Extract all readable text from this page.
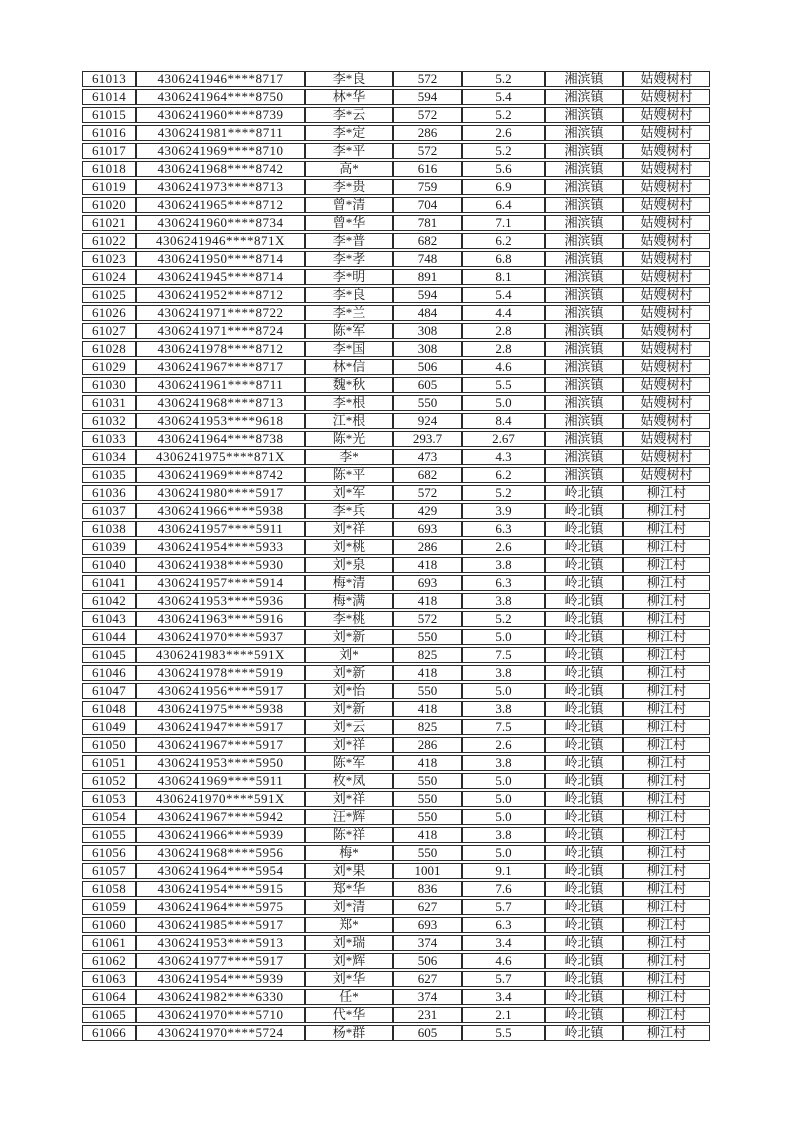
61013	4306241946****8717	李*良	572	5.2	湘滨镇	姑嫂树村
61014	4306241964****8750	林*华	594	5.4	湘滨镇	姑嫂树村
61015	4306241960****8739	李*云	572	5.2	湘滨镇	姑嫂树村
61016	4306241981****8711	李*定	286	2.6	湘滨镇	姑嫂树村
61017	4306241969****8710	李*平	572	5.2	湘滨镇	姑嫂树村
61018	4306241968****8742	高*	616	5.6	湘滨镇	姑嫂树村
61019	4306241973****8713	李*贵	759	6.9	湘滨镇	姑嫂树村
61020	4306241965****8712	曾*清	704	6.4	湘滨镇	姑嫂树村
61021	4306241960****8734	曾*华	781	7.1	湘滨镇	姑嫂树村
61022	4306241946****871X	李*普	682	6.2	湘滨镇	姑嫂树村
61023	4306241950****8714	李*孝	748	6.8	湘滨镇	姑嫂树村
61024	4306241945****8714	李*明	891	8.1	湘滨镇	姑嫂树村
61025	4306241952****8712	李*良	594	5.4	湘滨镇	姑嫂树村
61026	4306241971****8722	李*兰	484	4.4	湘滨镇	姑嫂树村
61027	4306241971****8724	陈*军	308	2.8	湘滨镇	姑嫂树村
61028	4306241978****8712	李*国	308	2.8	湘滨镇	姑嫂树村
61029	4306241967****8717	林*信	506	4.6	湘滨镇	姑嫂树村
61030	4306241961****8711	魏*秋	605	5.5	湘滨镇	姑嫂树村
61031	4306241968****8713	李*根	550	5.0	湘滨镇	姑嫂树村
61032	4306241953****9618	江*根	924	8.4	湘滨镇	姑嫂树村
61033	4306241964****8738	陈*光	293.7	2.67	湘滨镇	姑嫂树村
61034	4306241975****871X	李*	473	4.3	湘滨镇	姑嫂树村
61035	4306241969****8742	陈*平	682	6.2	湘滨镇	姑嫂树村
61036	4306241980****5917	刘*军	572	5.2	岭北镇	柳江村
61037	4306241966****5938	李*兵	429	3.9	岭北镇	柳江村
61038	4306241957****5911	刘*祥	693	6.3	岭北镇	柳江村
61039	4306241954****5933	刘*桃	286	2.6	岭北镇	柳江村
61040	4306241938****5930	刘*泉	418	3.8	岭北镇	柳江村
61041	4306241957****5914	梅*清	693	6.3	岭北镇	柳江村
61042	4306241953****5936	梅*满	418	3.8	岭北镇	柳江村
61043	4306241963****5916	李*桃	572	5.2	岭北镇	柳江村
61044	4306241970****5937	刘*新	550	5.0	岭北镇	柳江村
61045	4306241983****591X	刘*	825	7.5	岭北镇	柳江村
61046	4306241978****5919	刘*新	418	3.8	岭北镇	柳江村
61047	4306241956****5917	刘*怡	550	5.0	岭北镇	柳江村
61048	4306241975****5938	刘*新	418	3.8	岭北镇	柳江村
61049	4306241947****5917	刘*云	825	7.5	岭北镇	柳江村
61050	4306241967****5917	刘*祥	286	2.6	岭北镇	柳江村
61051	4306241953****5950	陈*军	418	3.8	岭北镇	柳江村
61052	4306241969****5911	枚*凤	550	5.0	岭北镇	柳江村
61053	4306241970****591X	刘*祥	550	5.0	岭北镇	柳江村
61054	4306241967****5942	汪*辉	550	5.0	岭北镇	柳江村
61055	4306241966****5939	陈*祥	418	3.8	岭北镇	柳江村
61056	4306241968****5956	梅*	550	5.0	岭北镇	柳江村
61057	4306241964****5954	刘*果	1001	9.1	岭北镇	柳江村
61058	4306241954****5915	郑*华	836	7.6	岭北镇	柳江村
61059	4306241964****5975	刘*清	627	5.7	岭北镇	柳江村
61060	4306241985****5917	郑*	693	6.3	岭北镇	柳江村
61061	4306241953****5913	刘*瑞	374	3.4	岭北镇	柳江村
61062	4306241977****5917	刘*辉	506	4.6	岭北镇	柳江村
61063	4306241954****5939	刘*华	627	5.7	岭北镇	柳江村
61064	4306241982****6330	任*	374	3.4	岭北镇	柳江村
61065	4306241970****5710	代*华	231	2.1	岭北镇	柳江村
61066	4306241970****5724	杨*群	605	5.5	岭北镇	柳江村
